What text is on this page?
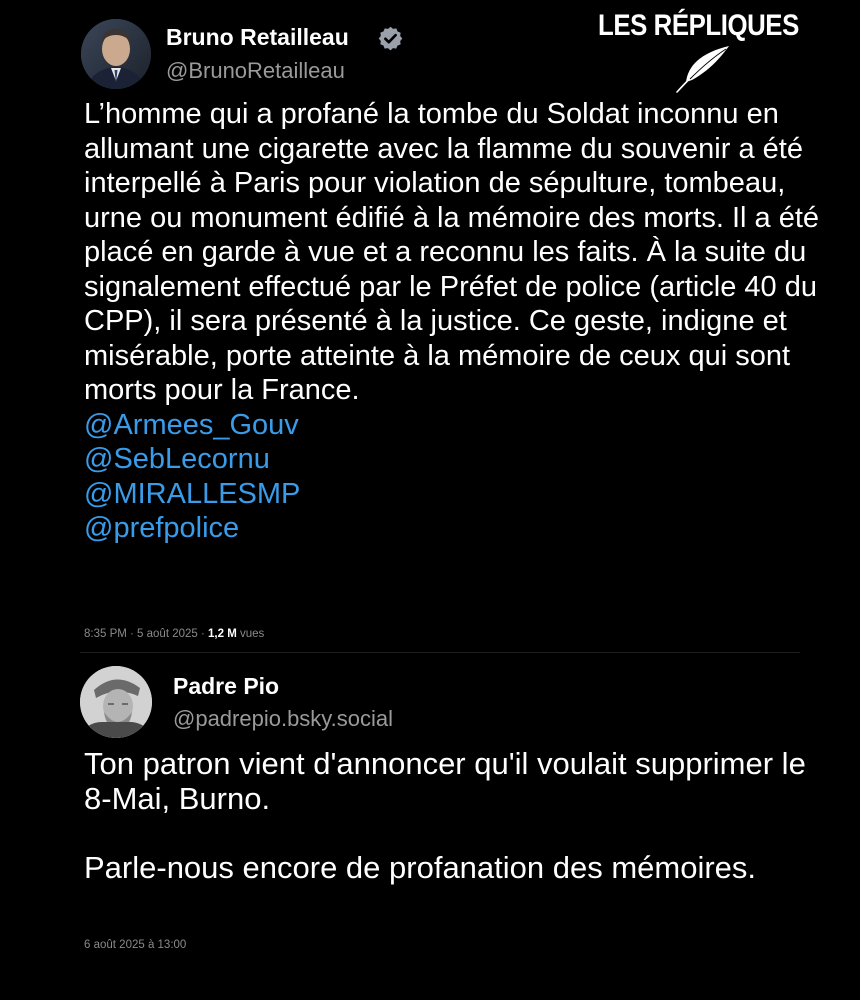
Bruno Retailleau
@BrunoRetailleau
LES RÉPLIQUES
L’homme qui a profané la tombe du Soldat inconnu en allumant une cigarette avec la flamme du souvenir a été interpellé à Paris pour violation de sépulture, tombeau, urne ou monument édifié à la mémoire des morts. Il a été placé en garde à vue et a reconnu les faits. À la suite du signalement effectué par le Préfet de police (article 40 du CPP), il sera présenté à la justice. Ce geste, indigne et misérable, porte atteinte à la mémoire de ceux qui sont morts pour la France.
@Armees_Gouv
@SebLecornu
@MIRALLESMP
@prefpolice
8:35 PM · 5 août 2025 · 1,2 M vues
Padre Pio
@padrepio.bsky.social

Ton patron vient d'annoncer qu'il voulait supprimer le 8-Mai, Burno.

Parle-nous encore de profanation des mémoires.

6 août 2025 à 13:00
